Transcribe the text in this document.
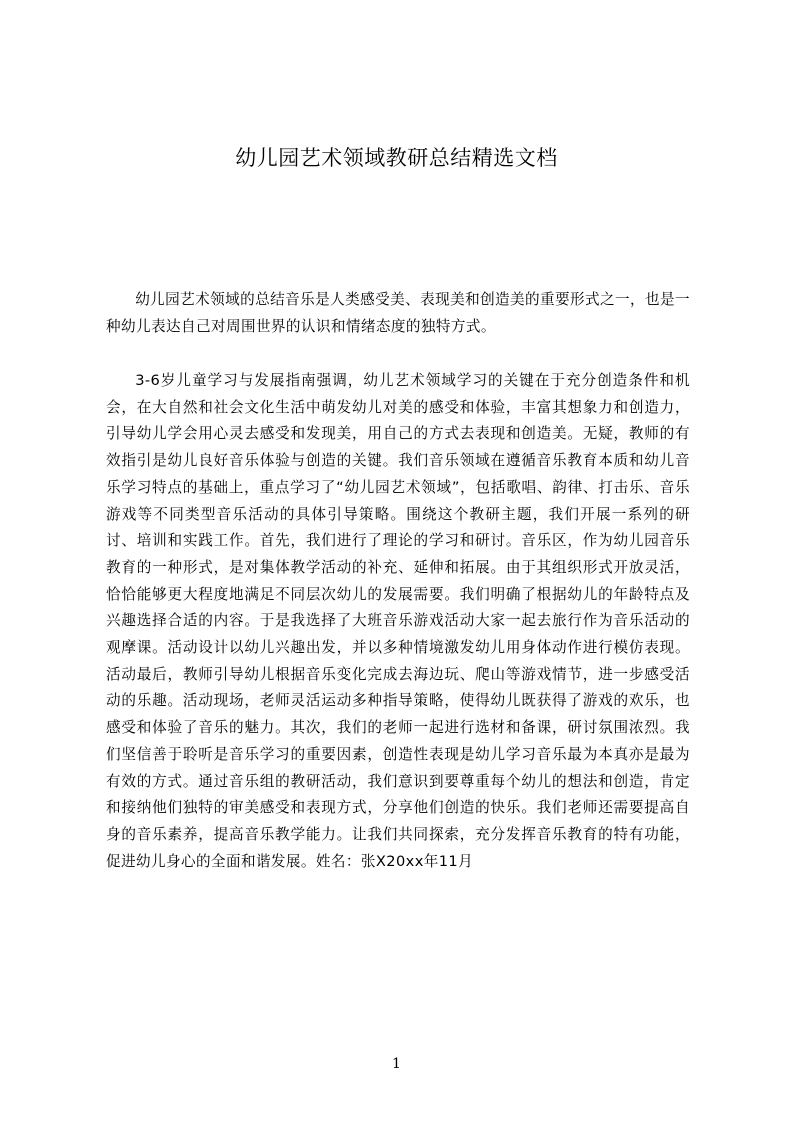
幼儿园艺术领域教研总结精选文档

幼儿园艺术领域的总结音乐是人类感受美、表现美和创造美的重要形式之一，也是一种幼儿表达自己对周围世界的认识和情绪态度的独特方式。

3-6岁儿童学习与发展指南强调，幼儿艺术领域学习的关键在于充分创造条件和机会，在大自然和社会文化生活中萌发幼儿对美的感受和体验，丰富其想象力和创造力，引导幼儿学会用心灵去感受和发现美，用自己的方式去表现和创造美。无疑，教师的有效指引是幼儿良好音乐体验与创造的关键。我们音乐领域在遵循音乐教育本质和幼儿音乐学习特点的基础上，重点学习了“幼儿园艺术领域”，包括歌唱、韵律、打击乐、音乐游戏等不同类型音乐活动的具体引导策略。围绕这个教研主题，我们开展一系列的研讨、培训和实践工作。首先，我们进行了理论的学习和研讨。音乐区，作为幼儿园音乐教育的一种形式，是对集体教学活动的补充、延伸和拓展。由于其组织形式开放灵活，恰恰能够更大程度地满足不同层次幼儿的发展需要。我们明确了根据幼儿的年龄特点及兴趣选择合适的内容。于是我选择了大班音乐游戏活动大家一起去旅行作为音乐活动的观摩课。活动设计以幼儿兴趣出发，并以多种情境激发幼儿用身体动作进行模仿表现。活动最后，教师引导幼儿根据音乐变化完成去海边玩、爬山等游戏情节，进一步感受活动的乐趣。活动现场，老师灵活运动多种指导策略，使得幼儿既获得了游戏的欢乐，也感受和体验了音乐的魅力。其次，我们的老师一起进行选材和备课，研讨氛围浓烈。我们坚信善于聆听是音乐学习的重要因素，创造性表现是幼儿学习音乐最为本真亦是最为有效的方式。通过音乐组的教研活动，我们意识到要尊重每个幼儿的想法和创造，肯定和接纳他们独特的审美感受和表现方式，分享他们创造的快乐。我们老师还需要提高自身的音乐素养，提高音乐教学能力。让我们共同探索，充分发挥音乐教育的特有功能，促进幼儿身心的全面和谐发展。姓名：张X20xx年11月

1
